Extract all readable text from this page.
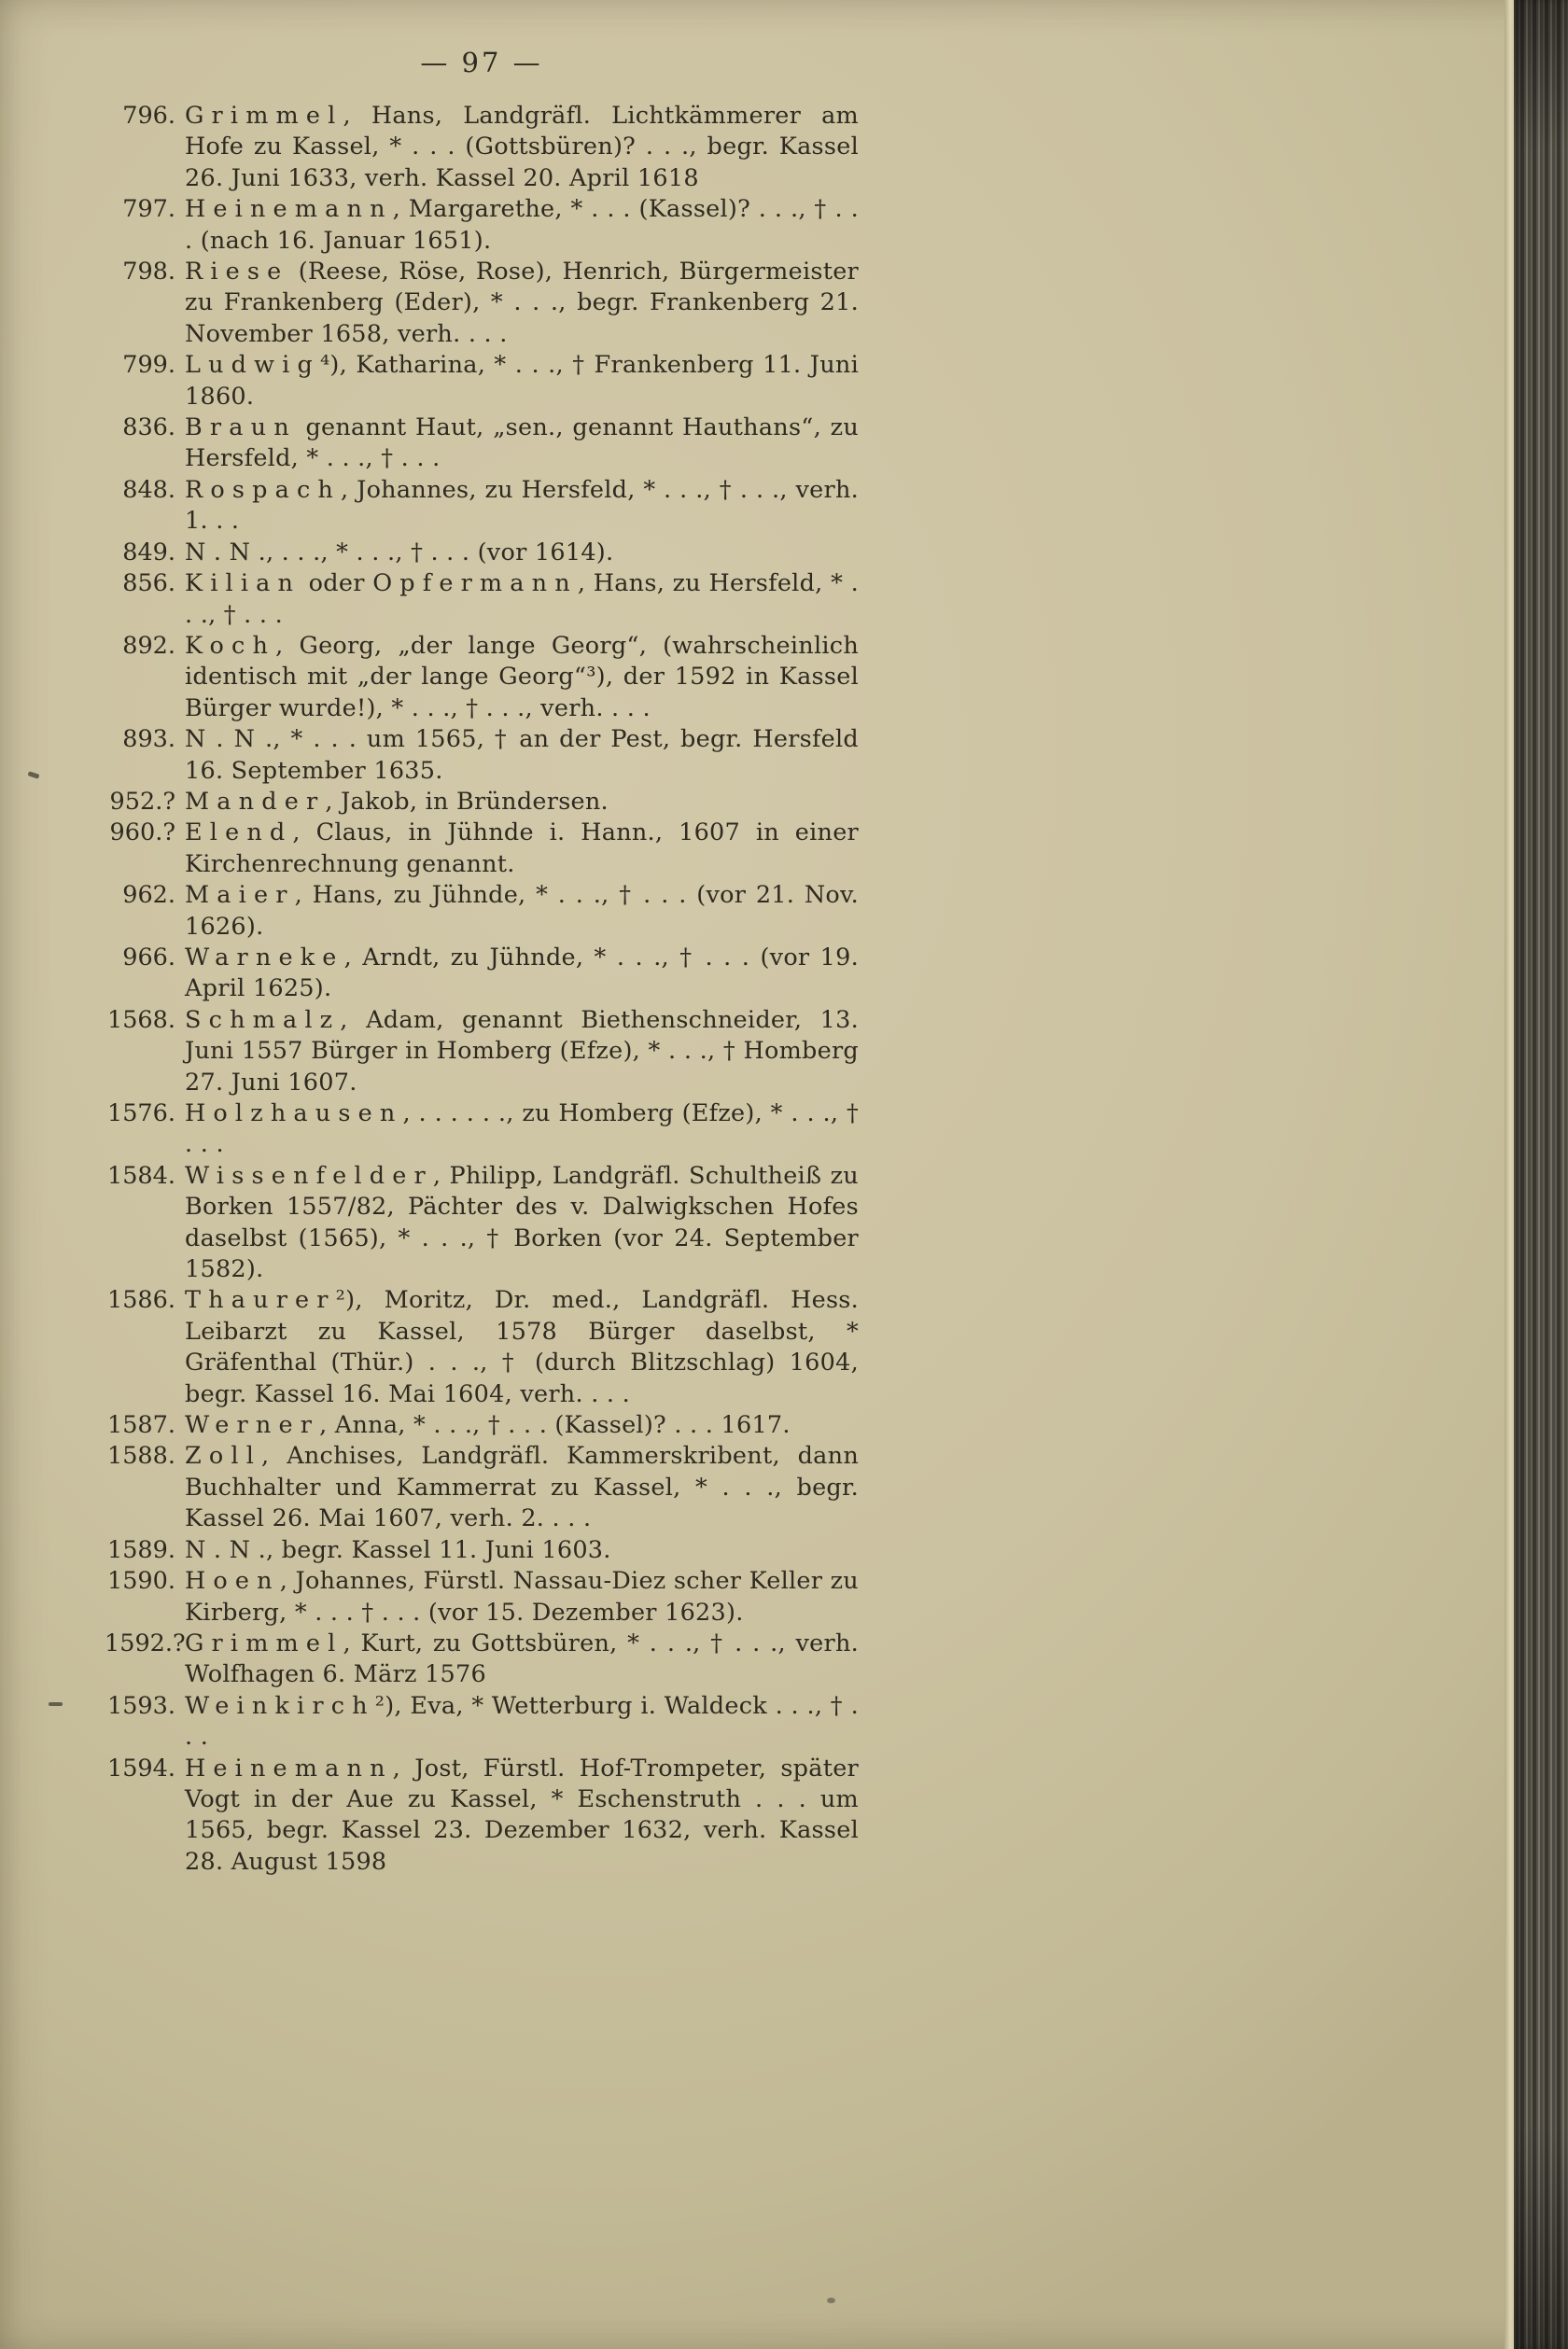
— 97 —
796. Grimmel, Hans, Landgräfl. Lichtkämmerer am Hofe zu Kassel, * . . . (Gottsbüren)? . . ., begr. Kassel 26. Juni 1633, verh. Kassel 20. April 1618
797. Heinemann, Margarethe, * . . . (Kassel)? . . ., † . . . (nach 16. Januar 1651).
798. Riese (Reese, Röse, Rose), Henrich, Bürgermeister zu Frankenberg (Eder), * . . ., begr. Frankenberg 21. November 1658, verh. . . .
799. Ludwig⁴), Katharina, * . . ., † Frankenberg 11. Juni 1860.
836. Braun genannt Haut, „sen., genannt Hauthans“, zu Hersfeld, * . . ., † . . .
848. Rospach, Johannes, zu Hersfeld, * . . ., † . . ., verh. 1. . .
849. N . N ., . . ., * . . ., † . . . (vor 1614).
856. Kilian oder Opfermann, Hans, zu Hersfeld, * . . ., † . . .
892. Koch, Georg, „der lange Georg“, (wahrscheinlich identisch mit „der lange Georg“³), der 1592 in Kassel Bürger wurde!), * . . ., † . . ., verh. . . .
893. N . N ., * . . . um 1565, † an der Pest, begr. Hersfeld 16. September 1635.
952.? Mander, Jakob, in Bründersen.
960.? Elend, Claus, in Jühnde i. Hann., 1607 in einer Kirchenrechnung genannt.
962. Maier, Hans, zu Jühnde, * . . ., † . . . (vor 21. Nov. 1626).
966. Warneke, Arndt, zu Jühnde, * . . ., † . . . (vor 19. April 1625).
1568. Schmalz, Adam, genannt Biethenschneider, 13. Juni 1557 Bürger in Homberg (Efze), * . . ., † Homberg 27. Juni 1607.
1576. Holzhausen, . . . . . ., zu Homberg (Efze), * . . ., † . . .
1584. Wissenfelder, Philipp, Landgräfl. Schultheiß zu Borken 1557/82, Pächter des v. Dalwigkschen Hofes daselbst (1565), * . . ., † Borken (vor 24. September 1582).
1586. Thaurer²), Moritz, Dr. med., Landgräfl. Hess. Leibarzt zu Kassel, 1578 Bürger daselbst, * Gräfenthal (Thür.) . . ., † (durch Blitzschlag) 1604, begr. Kassel 16. Mai 1604, verh. . . .
1587. Werner, Anna, * . . ., † . . . (Kassel)? . . . 1617.
1588. Zoll, Anchises, Landgräfl. Kammerskribent, dann Buchhalter und Kammerrat zu Kassel, * . . ., begr. Kassel 26. Mai 1607, verh. 2. . . .
1589. N . N ., begr. Kassel 11. Juni 1603.
1590. Hoen, Johannes, Fürstl. Nassau-Diez scher Keller zu Kirberg, * . . . † . . . (vor 15. Dezember 1623).
1592.? Grimmel, Kurt, zu Gottsbüren, * . . ., † . . ., verh. Wolfhagen 6. März 1576
1593. Weinkirch²), Eva, * Wetterburg i. Waldeck . . ., † . . .
1594. Heinemann, Jost, Fürstl. Hof-Trompeter, später Vogt in der Aue zu Kassel, * Eschenstruth . . . um 1565, begr. Kassel 23. Dezember 1632, verh. Kassel 28. August 1598
